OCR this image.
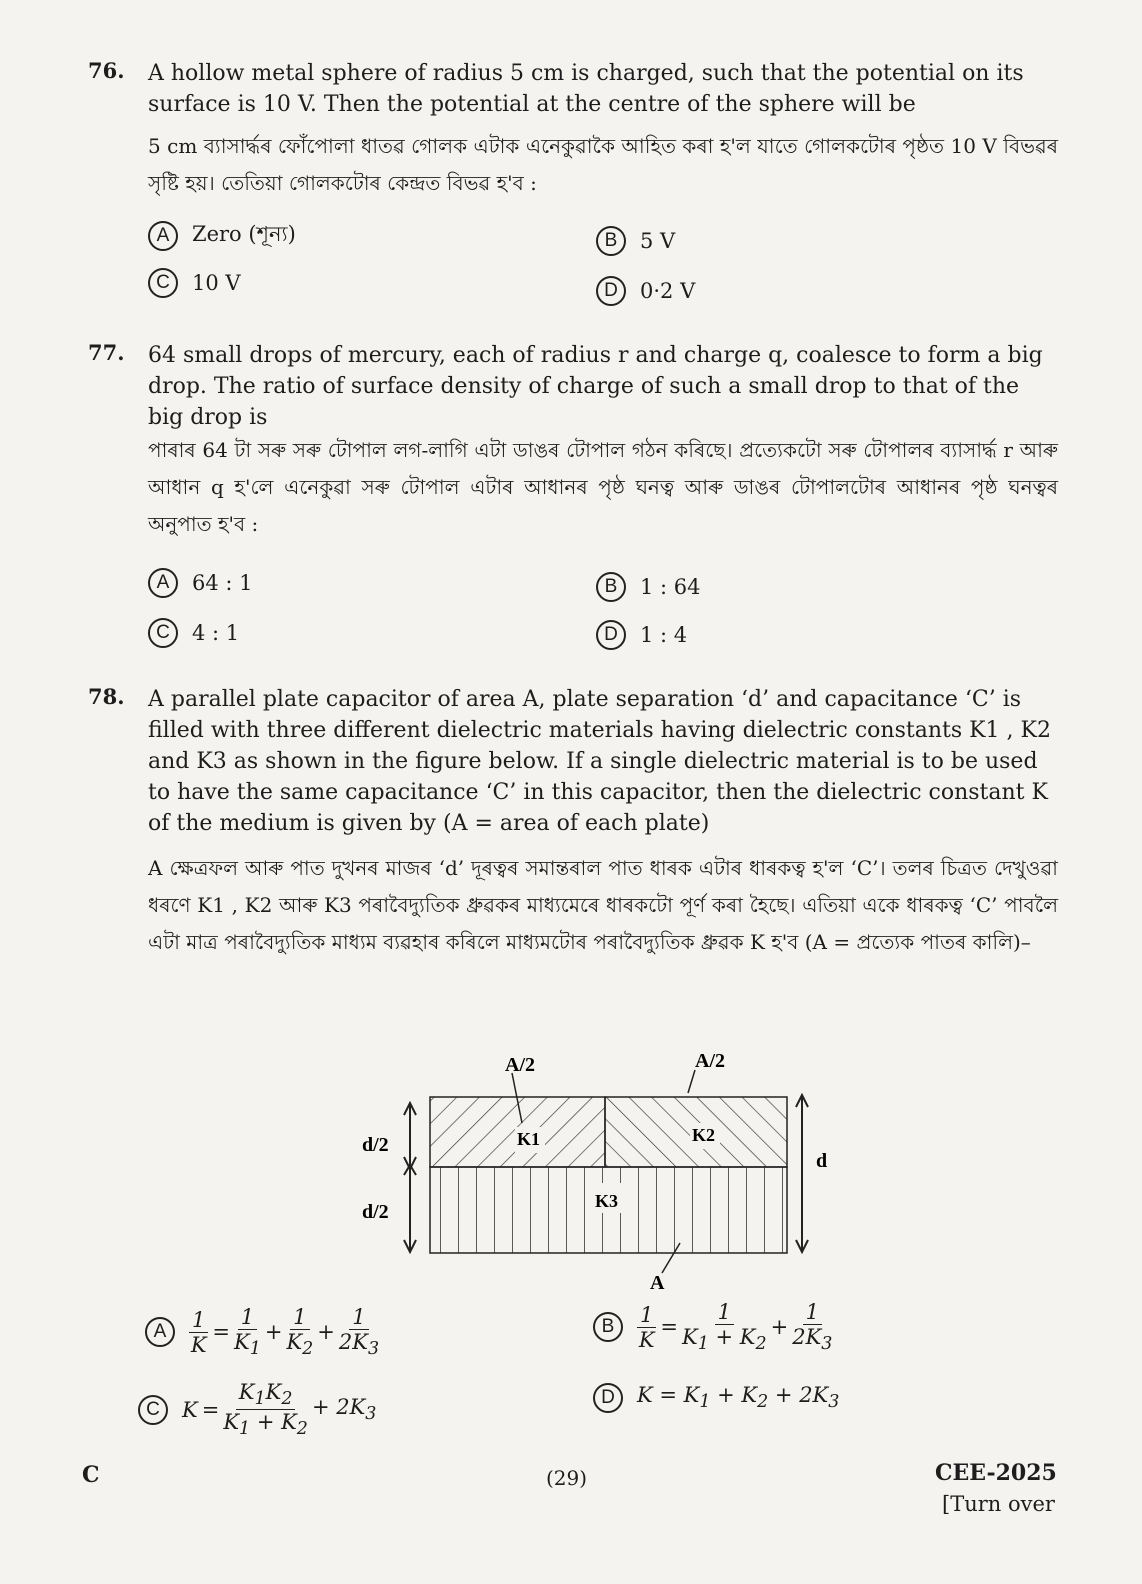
76. A hollow metal sphere of radius 5 cm is charged, such that the potential on its surface is 10 V. Then the potential at the centre of the sphere will be
5 cm ব্যাসাৰ্দ্ধৰ ফোঁপোলা ধাতৱ গোলক এটাক এনেকুৱাকৈ আহিত কৰা হ'ল যাতে গোলকটোৰ পৃষ্ঠত 10 V বিভৱৰ সৃষ্টি হয়। তেতিয়া গোলকটোৰ কেন্দ্ৰত বিভৱ হ'ব :
A	Zero (শূন্য)	B	5 V
C	10 V	D	0·2 V
77. 64 small drops of mercury, each of radius r and charge q, coalesce to form a big drop. The ratio of surface density of charge of such a small drop to that of the big drop is
পাৰাৰ 64 টা সৰু সৰু টোপাল লগ-লাগি এটা ডাঙৰ টোপাল গঠন কৰিছে। প্ৰত্যেকটো সৰু টোপালৰ ব্যাসাৰ্দ্ধ r আৰু আধান q হ'লে এনেকুৱা সৰু টোপাল এটাৰ আধানৰ পৃষ্ঠ ঘনত্ব আৰু ডাঙৰ টোপালটোৰ আধানৰ পৃষ্ঠ ঘনত্বৰ অনুপাত হ'ব :
A	64 : 1	B	1 : 64
C	4 : 1	D	1 : 4
78. A parallel plate capacitor of area A, plate separation ‘d’ and capacitance ‘C’ is filled with three different dielectric materials having dielectric constants K1 , K2 and K3 as shown in the figure below. If a single dielectric material is to be used to have the same capacitance ‘C’ in this capacitor, then the dielectric constant K of the medium is given by (A = area of each plate)
A ক্ষেত্ৰফল আৰু পাত দুখনৰ মাজৰ ‘d’ দূৰত্বৰ সমান্তৰাল পাত ধাৰক এটাৰ ধাৰকত্ব হ'ল ‘C’। তলৰ চিত্ৰত দেখুওৱা ধৰণে K1 , K2 আৰু K3 পৰাবৈদ্যুতিক ধ্ৰুৱকৰ মাধ্যমেৰে ধাৰকটো পূৰ্ণ কৰা হৈছে। এতিয়া একে ধাৰকত্ব ‘C’ পাবলৈ এটা মাত্ৰ পৰাবৈদ্যুতিক মাধ্যম ব্যৱহাৰ কৰিলে মাধ্যমটোৰ পৰাবৈদ্যুতিক ধ্ৰুৱক K হ'ব (A = প্ৰত্যেক পাতৰ কালি)–
A/2	A/2
d/2
d/2
d
A
K1	K2
K3
A	$\frac{1}{K} = \frac{1}{K_1} + \frac{1}{K_2} + \frac{1}{2K_3}$	B	$\frac{1}{K} = \frac{1}{K_1 + K_2} + \frac{1}{2K_3}$
C	$K = \frac{K_1K_2}{K_1 + K_2} + 2K_3$
D	$K = K_1 + K_2 + 2K_3$
C	(29)	CEE-2025
[Turn over
